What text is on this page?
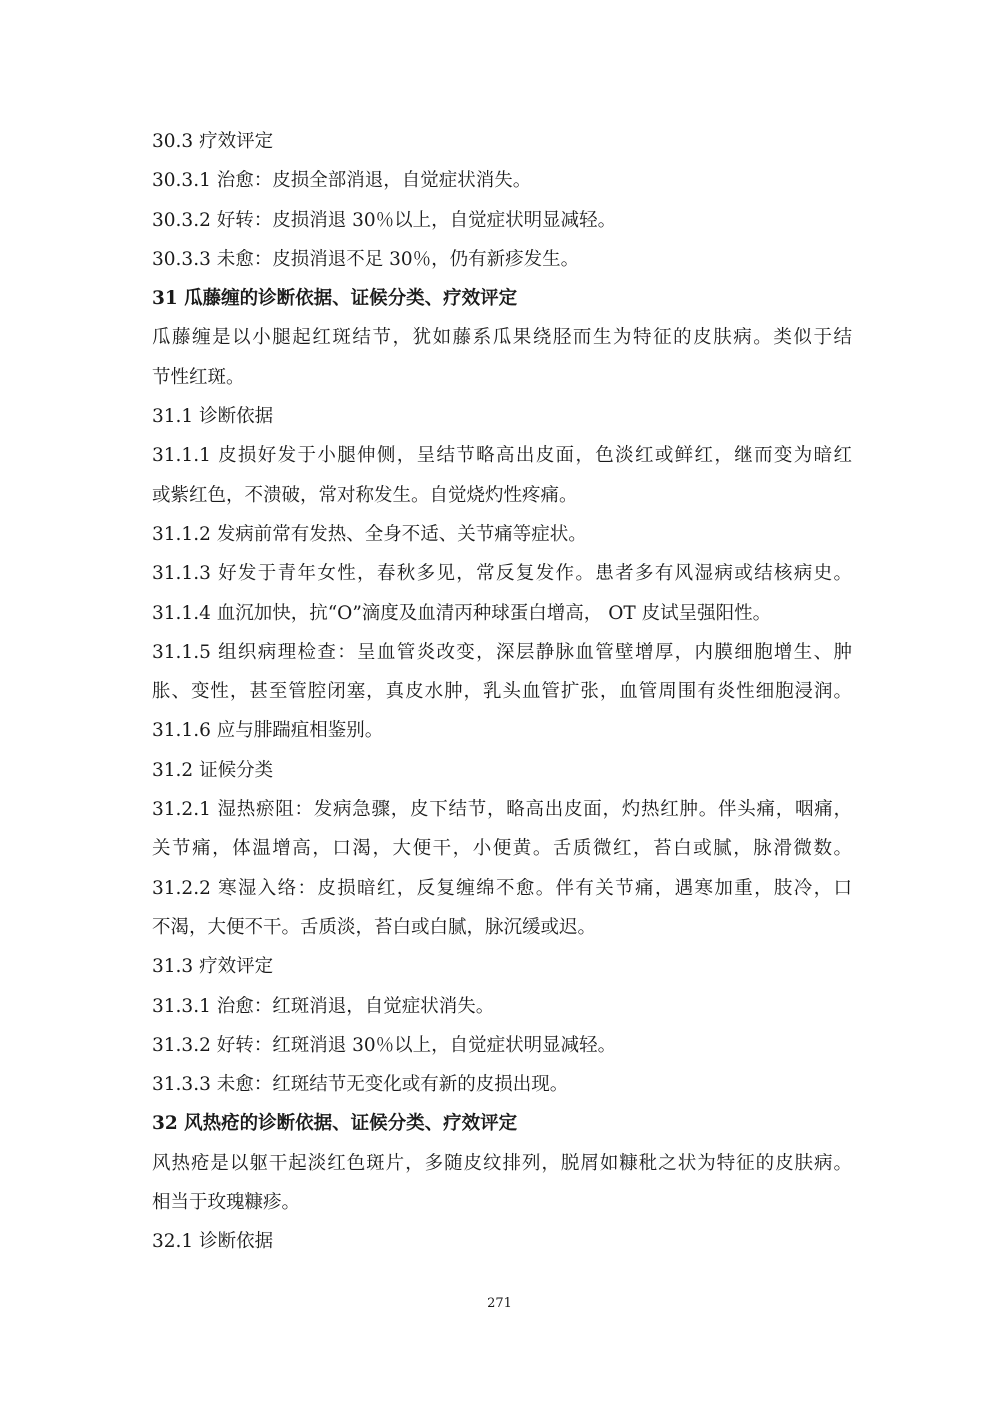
30.3 疗效评定
30.3.1 治愈：皮损全部消退，自觉症状消失。
30.3.2 好转：皮损消退 30％以上，自觉症状明显减轻。
30.3.3 未愈：皮损消退不足 30％，仍有新疹发生。
31 瓜藤缠的诊断依据、证候分类、疗效评定
瓜藤缠是以小腿起红斑结节，犹如藤系瓜果绕胫而生为特征的皮肤病。类似于结
节性红斑。
31.1 诊断依据
31.1.1 皮损好发于小腿伸侧，呈结节略高出皮面，色淡红或鲜红，继而变为暗红
或紫红色，不溃破，常对称发生。自觉烧灼性疼痛。
31.1.2 发病前常有发热、全身不适、关节痛等症状。
31.1.3 好发于青年女性，春秋多见，常反复发作。患者多有风湿病或结核病史。
31.1.4 血沉加快，抗“O”滴度及血清丙种球蛋白增高， OT 皮试呈强阳性。
31.1.5 组织病理检查：呈血管炎改变，深层静脉血管壁增厚，内膜细胞增生、肿
胀、变性，甚至管腔闭塞，真皮水肿，乳头血管扩张，血管周围有炎性细胞浸润。
31.1.6 应与腓踹疽相鉴别。
31.2 证候分类
31.2.1 湿热瘀阻：发病急骤，皮下结节，略高出皮面，灼热红肿。伴头痛，咽痛，
关节痛，体温增高，口渴，大便干，小便黄。舌质微红，苔白或腻，脉滑微数。
31.2.2 寒湿入络：皮损暗红，反复缠绵不愈。伴有关节痛，遇寒加重，肢冷，口
不渴，大便不干。舌质淡，苔白或白腻，脉沉缓或迟。
31.3 疗效评定
31.3.1 治愈：红斑消退，自觉症状消失。
31.3.2 好转：红斑消退 30％以上，自觉症状明显减轻。
31.3.3 未愈：红斑结节无变化或有新的皮损出现。
32 风热疮的诊断依据、证候分类、疗效评定
风热疮是以躯干起淡红色斑片，多随皮纹排列，脱屑如糠秕之状为特征的皮肤病。
相当于玫瑰糠疹。
32.1 诊断依据
271
